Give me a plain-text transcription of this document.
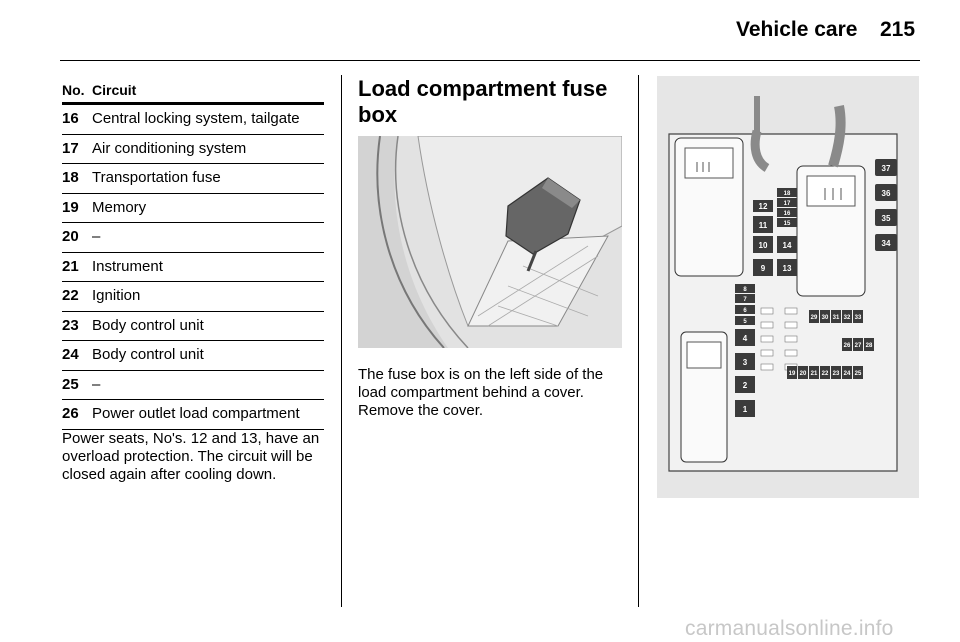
Vehicle care 215
No. Circuit
16 Central locking system, tailgate
17 Air conditioning system
18 Transportation fuse
19 Memory
20 –
21 Instrument
22 Ignition
23 Body control unit
24 Body control unit
25 –
26 Power outlet load compartment
Power seats, No's. 12 and 13, have an overload protection. The circuit will be closed again after cooling down.
Load compartment fuse box
The fuse box is on the left side of the load compartment behind a cover. Remove the cover.
37
36
35
34
18
17
16
15
12
11
10 14
9 13
8
7
6
5
4
3
2
1
29 30 31 32 33
26 27 28
19 20 21 22 23 24 25
carmanualsonline.info
